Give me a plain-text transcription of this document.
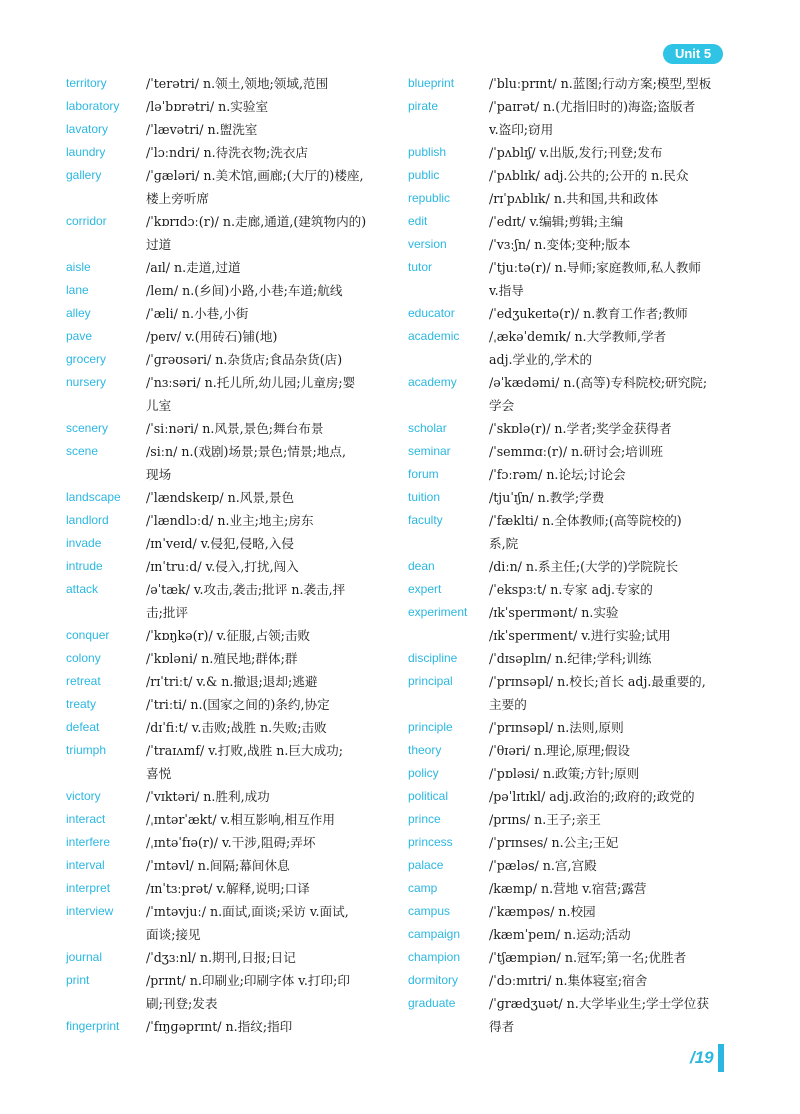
Unit 5
territory	/ˈterətri/ n.领土,领地;领域,范围
laboratory	/ləˈbɒrətri/ n.实验室
lavatory	/ˈlævətri/ n.盥洗室
laundry	/ˈlɔːndri/ n.待洗衣物;洗衣店
gallery	/ˈɡæləri/ n.美术馆,画廊;(大厅的)楼座,
楼上旁听席
corridor	/ˈkɒrɪdɔː(r)/ n.走廊,通道,(建筑物内的)
过道
aisle	/aɪl/ n.走道,过道
lane	/leɪn/ n.(乡间)小路,小巷;车道;航线
alley	/ˈæli/ n.小巷,小街
pave	/peɪv/ v.(用砖石)铺(地)
grocery	/ˈɡrəʊsəri/ n.杂货店;食品杂货(店)
nursery	/ˈnɜːsəri/ n.托儿所,幼儿园;儿童房;婴
儿室
scenery	/ˈsiːnəri/ n.风景,景色;舞台布景
scene	/siːn/ n.(戏剧)场景;景色;情景;地点,
现场
landscape	/ˈlændskeɪp/ n.风景,景色
landlord	/ˈlændlɔːd/ n.业主;地主;房东
invade	/ɪnˈveɪd/ v.侵犯,侵略,入侵
intrude	/ɪnˈtruːd/ v.侵入,打扰,闯入
attack	/əˈtæk/ v.攻击,袭击;批评 n.袭击,抨
击;批评
conquer	/ˈkɒŋkə(r)/ v.征服,占领;击败
colony	/ˈkɒləni/ n.殖民地;群体;群
retreat	/rɪˈtriːt/ v.& n.撤退;退却;逃避
treaty	/ˈtriːti/ n.(国家之间的)条约,协定
defeat	/dɪˈfiːt/ v.击败;战胜 n.失败;击败
triumph	/ˈtraɪʌmf/ v.打败,战胜 n.巨大成功;
喜悦
victory	/ˈvɪktəri/ n.胜利,成功
interact	/ˌɪntərˈækt/ v.相互影响,相互作用
interfere	/ˌɪntəˈfɪə(r)/ v.干涉,阻碍;弄坏
interval	/ˈɪntəvl/ n.间隔;幕间休息
interpret	/ɪnˈtɜːprət/ v.解释,说明;口译
interview	/ˈɪntəvjuː/ n.面试,面谈;采访 v.面试,
面谈;接见
journal	/ˈdʒɜːnl/ n.期刊,日报;日记
print	/prɪnt/ n.印刷业;印刷字体 v.打印;印
刷;刊登;发表
fingerprint	/ˈfɪŋɡəprɪnt/ n.指纹;指印
blueprint	/ˈbluːprɪnt/ n.蓝图;行动方案;模型,型板
pirate	/ˈpaɪrət/ n.(尤指旧时的)海盗;盗版者
v.盗印;窃用
publish	/ˈpʌblɪʃ/ v.出版,发行;刊登;发布
public	/ˈpʌblɪk/ adj.公共的;公开的 n.民众
republic	/rɪˈpʌblɪk/ n.共和国,共和政体
edit	/ˈedɪt/ v.编辑;剪辑;主编
version	/ˈvɜːʃn/ n.变体;变种;版本
tutor	/ˈtjuːtə(r)/ n.导师;家庭教师,私人教师
v.指导
educator	/ˈedʒukeɪtə(r)/ n.教育工作者;教师
academic	/ˌækəˈdemɪk/ n.大学教师,学者
adj.学业的,学术的
academy	/əˈkædəmi/ n.(高等)专科院校;研究院;
学会
scholar	/ˈskɒlə(r)/ n.学者;奖学金获得者
seminar	/ˈsemɪnɑː(r)/ n.研讨会;培训班
forum	/ˈfɔːrəm/ n.论坛;讨论会
tuition	/tjuˈɪʃn/ n.教学;学费
faculty	/ˈfæklti/ n.全体教师;(高等院校的)
系,院
dean	/diːn/ n.系主任;(大学的)学院院长
expert	/ˈekspɜːt/ n.专家 adj.专家的
experiment	/ɪkˈsperɪmənt/ n.实验
/ɪkˈsperɪment/ v.进行实验;试用
discipline	/ˈdɪsəplɪn/ n.纪律;学科;训练
principal	/ˈprɪnsəpl/ n.校长;首长 adj.最重要的,
主要的
principle	/ˈprɪnsəpl/ n.法则,原则
theory	/ˈθɪəri/ n.理论,原理;假设
policy	/ˈpɒləsi/ n.政策;方针;原则
political	/pəˈlɪtɪkl/ adj.政治的;政府的;政党的
prince	/prɪns/ n.王子;亲王
princess	/ˈprɪnses/ n.公主;王妃
palace	/ˈpæləs/ n.宫,宫殿
camp	/kæmp/ n.营地 v.宿营;露营
campus	/ˈkæmpəs/ n.校园
campaign	/kæmˈpeɪn/ n.运动;活动
champion	/ˈtʃæmpiən/ n.冠军;第一名;优胜者
dormitory	/ˈdɔːmɪtri/ n.集体寝室;宿舍
graduate	/ˈɡrædʒuət/ n.大学毕业生;学士学位获
得者
/19
